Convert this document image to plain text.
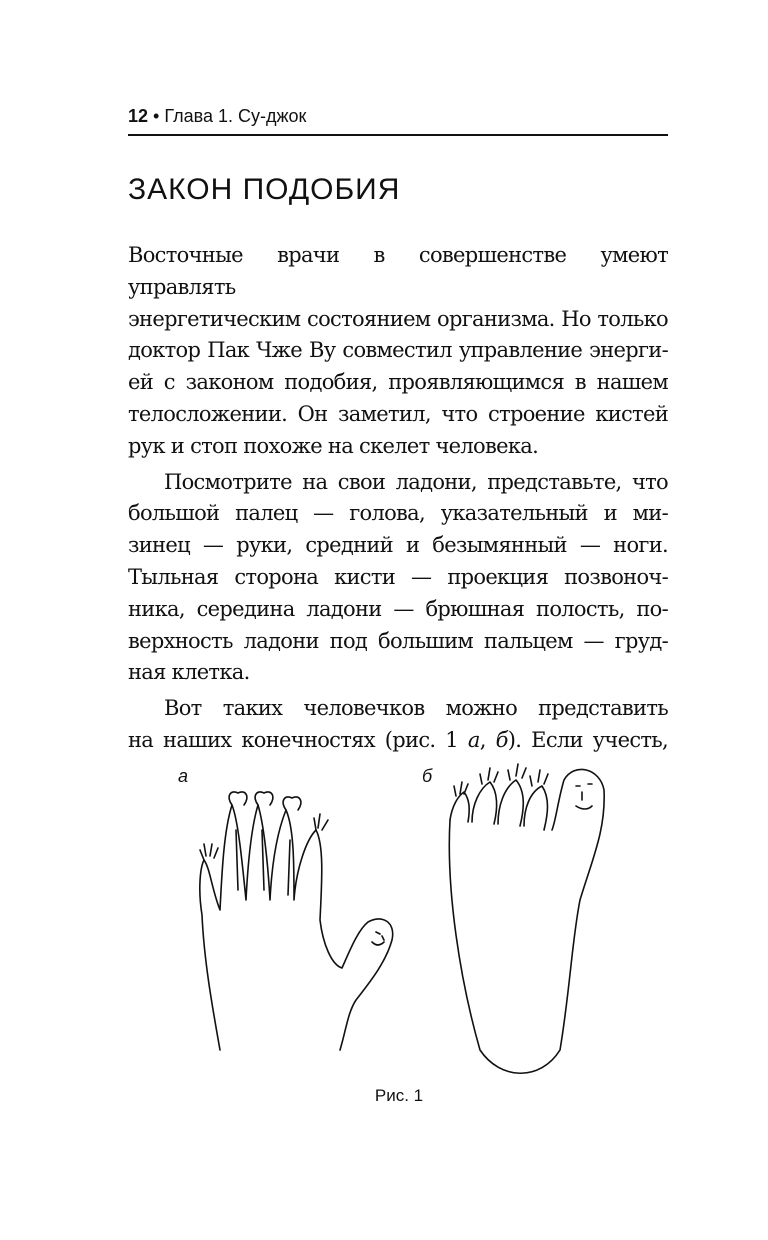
12 • Глава 1. Су-джок
ЗАКОН ПОДОБИЯ

Восточные врачи в совершенстве умеют управлять
энергетическим состоянием организма. Но только
доктор Пак Чже Ву совместил управление энерги-
ей с законом подобия, проявляющимся в нашем
телосложении. Он заметил, что строение кистей
рук и стоп похоже на скелет человека.

Посмотрите на свои ладони, представьте, что
большой палец — голова, указательный и ми-
зинец — руки, средний и безымянный — ноги.
Тыльная сторона кисти — проекция позвоноч-
ника, середина ладони — брюшная полость, по-
верхность ладони под большим пальцем — груд-
ная клетка.

Вот таких человечков можно представить
на наших конечностях (рис. 1 а, б). Если учесть,

а	б
Рис. 1
